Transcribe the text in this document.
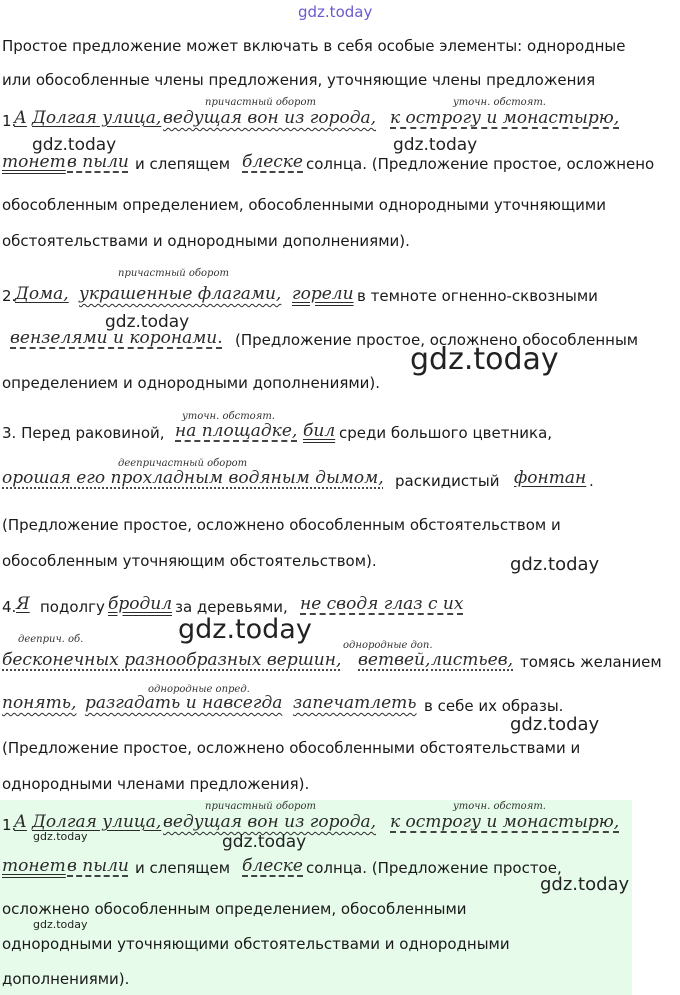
gdz.today
Простое предложение может включать в себя особые элементы: однородные
или обособленные члены предложения, уточняющие члены предложения
причастный оборот	уточн. обстоят.
1.
А Долгая улица, ведущая вон из города, к острогу и монастырю,
gdz.today	gdz.today
тонет в пыли и слепящем блеске солнца. (Предложение простое, осложнено
обособленным определением, обособленными однородными уточняющими
обстоятельствами и однородными дополнениями).
причастный оборот
2.
Дома, украшенные флагами, горели в темноте огненно-сквозными
gdz.today
вензелями и коронами. (Предложение простое, осложнено обособленным
gdz.today
определением и однородными дополнениями).
уточн. обстоят.
3. Перед раковиной, на площадке, бил среди большого цветника,
деепричастный оборот
орошая его прохладным водяным дымом, раскидистый фонтан .
(Предложение простое, осложнено обособленным обстоятельством и
обособленным уточняющим обстоятельством).	gdz.today
4. Я подолгу бродил за деревьями, не сводя глаз с их
gdz.today
дееприч. об.
однородные доп.
бесконечных разнообразных вершин, ветвей, листьев, томясь желанием
однородные опред.
понять, разгадать и навсегда запечатлеть в себе их образы.
gdz.today
(Предложение простое, осложнено обособленными обстоятельствами и
однородными членами предложения).
причастный оборот	уточн. обстоят.
1.
А Долгая улица, ведущая вон из города, к острогу и монастырю,
gdz.today	gdz.today
тонет в пыли и слепящем блеске солнца. (Предложение простое,
gdz.today
осложнено обособленным определением, обособленными
gdz.today
однородными уточняющими обстоятельствами и однородными
дополнениями).
